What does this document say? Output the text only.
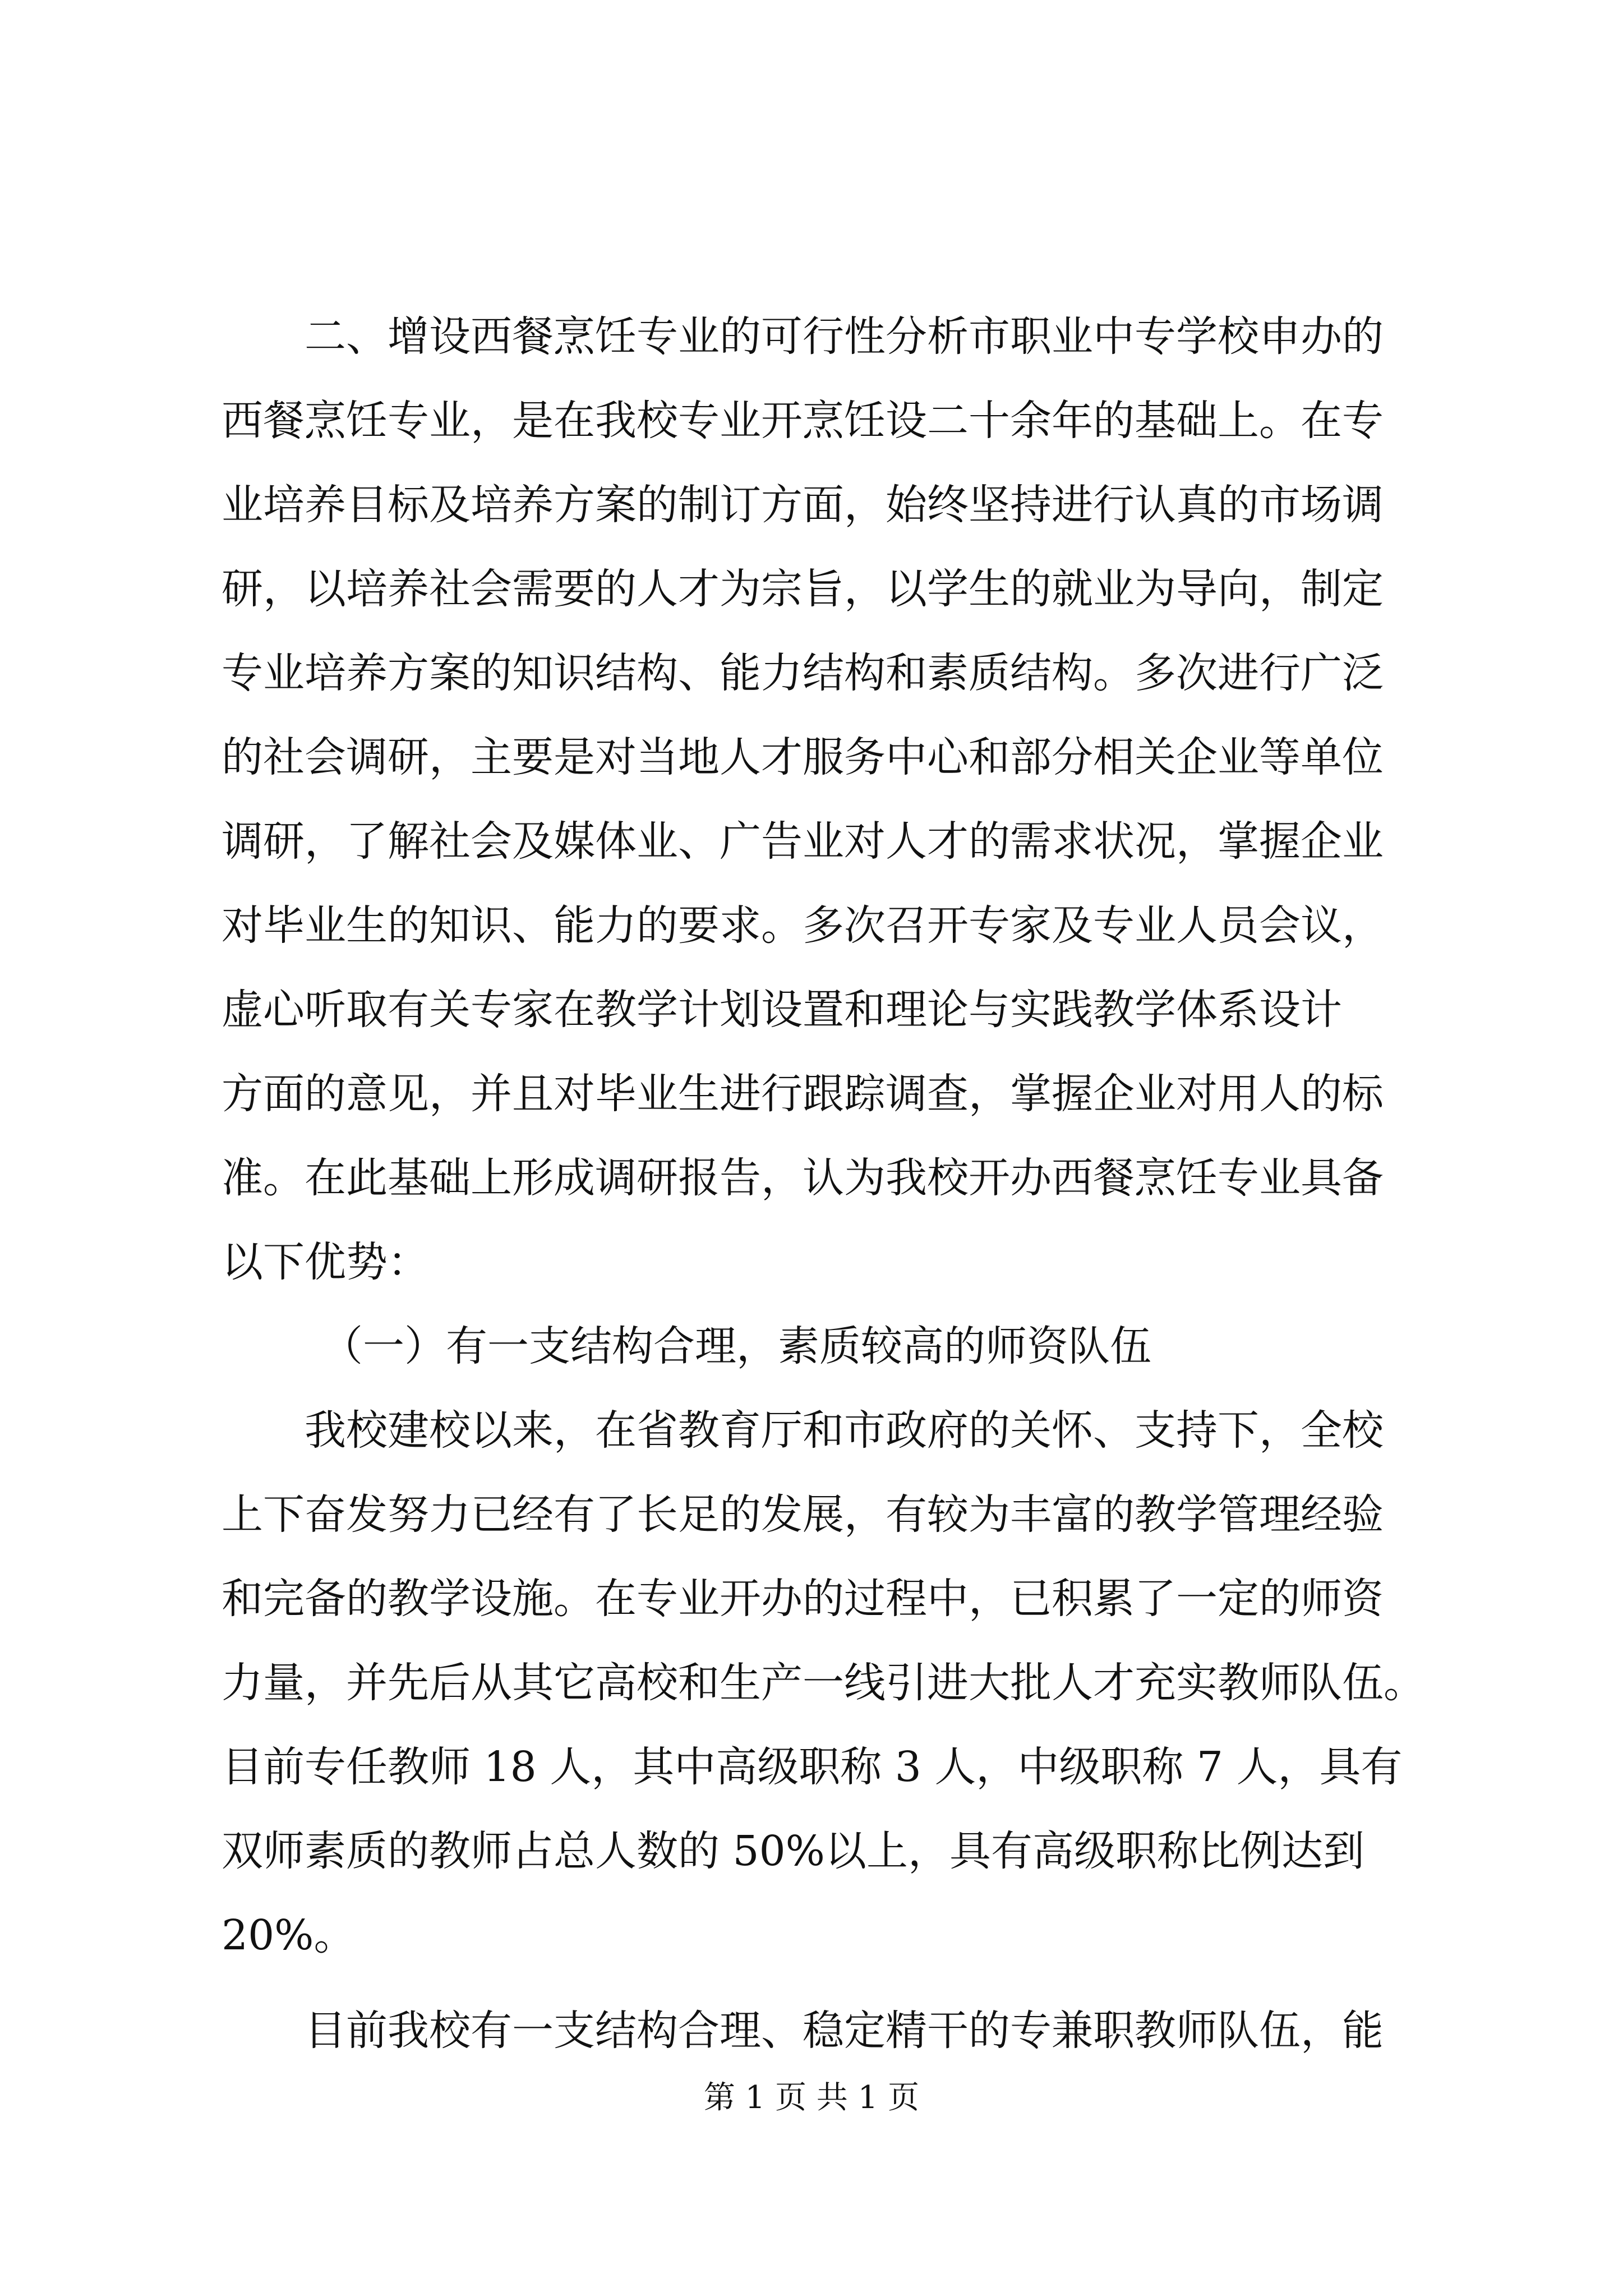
二、增设西餐烹饪专业的可行性分析市职业中专学校申办的

西餐烹饪专业，是在我校专业开烹饪设二十余年的基础上。在专

业培养目标及培养方案的制订方面，始终坚持进行认真的市场调

研，以培养社会需要的人才为宗旨，以学生的就业为导向，制定

专业培养方案的知识结构、能力结构和素质结构。多次进行广泛

的社会调研，主要是对当地人才服务中心和部分相关企业等单位

调研，了解社会及媒体业、广告业对人才的需求状况，掌握企业

对毕业生的知识、能力的要求。多次召开专家及专业人员会议，

虚心听取有关专家在教学计划设置和理论与实践教学体系设计

方面的意见，并且对毕业生进行跟踪调查，掌握企业对用人的标

准。在此基础上形成调研报告，认为我校开办西餐烹饪专业具备

以下优势：

（一）有一支结构合理，素质较高的师资队伍

我校建校以来，在省教育厅和市政府的关怀、支持下，全校

上下奋发努力已经有了长足的发展，有较为丰富的教学管理经验

和完备的教学设施。在专业开办的过程中，已积累了一定的师资

力量，并先后从其它高校和生产一线引进大批人才充实教师队伍。

目前专任教师 18 人，其中高级职称 3 人，中级职称 7 人，具有

双师素质的教师占总人数的 50%以上，具有高级职称比例达到

20%。

目前我校有一支结构合理、稳定精干的专兼职教师队伍，能

第 1 页 共 1 页
